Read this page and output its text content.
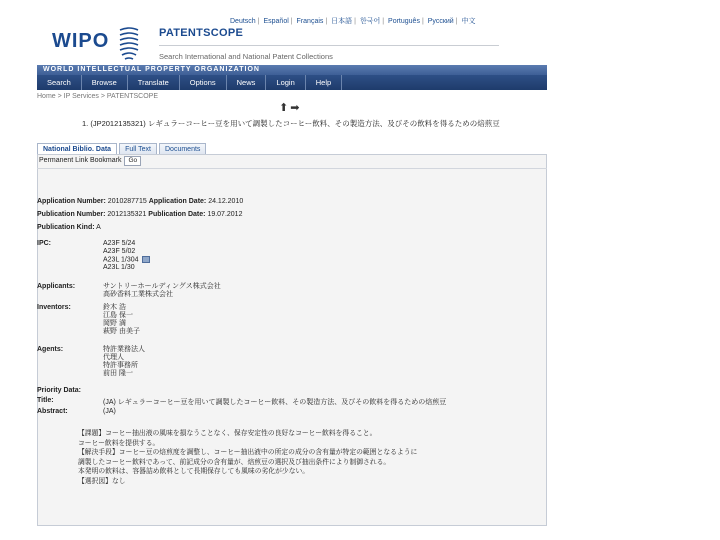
Deutsch | Español | Français | 日本語 | 한국어 | Português | Русский | 中文
WIPO	PATENTSCOPE
Search International and National Patent Collections
WORLD INTELLECTUAL PROPERTY ORGANIZATION
Search	Browse	Translate	Options	News	Login	Help
Home > IP Services > PATENTSCOPE
⬆ ➡
1. (JP2012135321) レギュラーコーヒー豆を用いて調製したコーヒー飲料、その製造方法、及びその飲料を得るための焙煎豆
National Biblio. Data	Full Text	Documents
Permanent Link Bookmark	Go
Application Number: 2010287715 Application Date: 24.12.2010
Publication Number: 2012135321 Publication Date: 19.07.2012
Publication Kind: A
IPC:	A23F 5/24
A23F 5/02
A23L 1/304
A23L 1/30
Applicants:	サントリーホールディングス株式会社
高砂香料工業株式会社
Inventors:	鈴木 浩
江島 保一
岡野 満
萩野 由美子
Agents:	特許業務法人
代理人
特許事務所
前田 隆一
Priority Data:
Title:	(JA) レギュラーコーヒー豆を用いて調製したコーヒー飲料、その製造方法、及びその飲料を得るための焙煎豆
Abstract:	(JA)
【課題】コーヒー抽出液の風味を損なうことなく、保存安定性の良好なコーヒー飲料を得ること。
コーヒー飲料を提供する。
【解決手段】コーヒー豆の焙煎度を調整し、コーヒー抽出液中の所定の成分の含有量が特定の範囲となるように
調製したコーヒー飲料であって、前記成分の含有量が、焙煎豆の選択及び抽出条件により制御される。
本発明の飲料は、容器詰め飲料として長期保存しても風味の劣化が少ない。
【選択図】なし
